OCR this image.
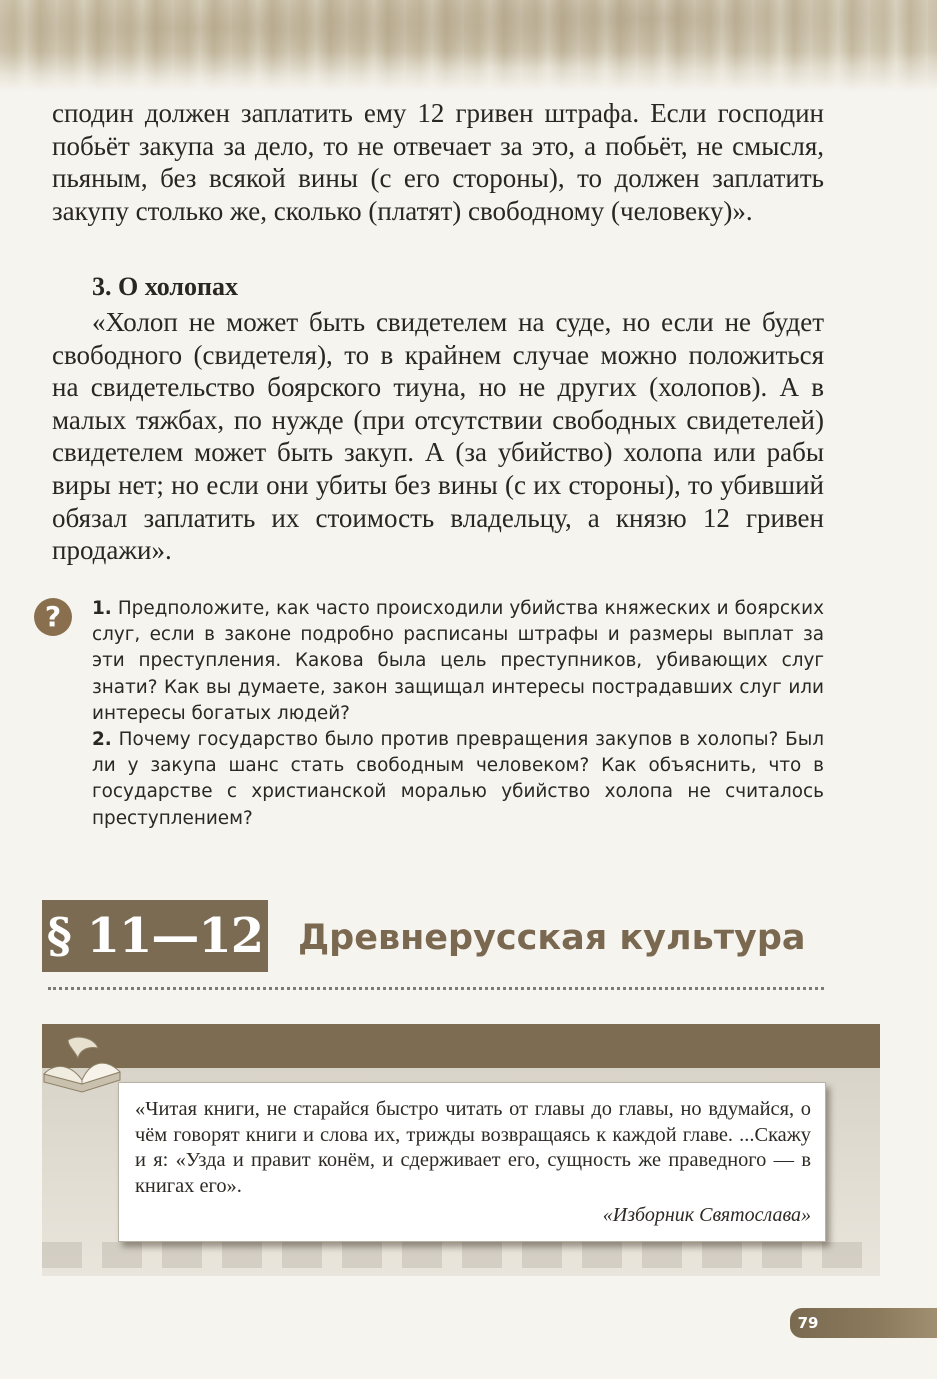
сподин должен заплатить ему 12 гривен штрафа. Если господин побьёт закупа за дело, то не отвечает за это, а побьёт, не смысля, пьяным, без всякой вины (с его стороны), то должен заплатить закупу столько же, сколько (платят) свободному (человеку)».

3. О холопах

«Холоп не может быть свидетелем на суде, но если не будет свободного (свидетеля), то в крайнем случае можно положиться на свидетельство боярского тиуна, но не других (холопов). А в малых тяжбах, по нужде (при отсутствии свободных свидетелей) свидетелем может быть закуп. А (за убийство) холопа или рабы виры нет; но если они убиты без вины (с их стороны), то убивший обязал заплатить их стоимость владельцу, а князю 12 гривен продажи».

?	1. Предположите, как часто происходили убийства княжеских и боярских слуг, если в законе подробно расписаны штрафы и размеры выплат за эти преступления. Какова была цель преступников, убивающих слуг знати? Как вы думаете, закон защищал интересы пострадавших слуг или интересы богатых людей?
2. Почему государство было против превращения закупов в холопы? Был ли у закупа шанс стать свободным человеком? Как объяснить, что в государстве с христианской моралью убийство холопа не считалось преступлением?
§ 11—12 Древнерусская культура

«Читая книги, не старайся быстро читать от главы до главы, но вдумайся, о чём говорят книги и слова их, трижды возвращаясь к каждой главе. ...Скажу и я: «Узда и правит конём, и сдерживает его, сущность же праведного — в книгах его».

«Изборник Святослава»

79
